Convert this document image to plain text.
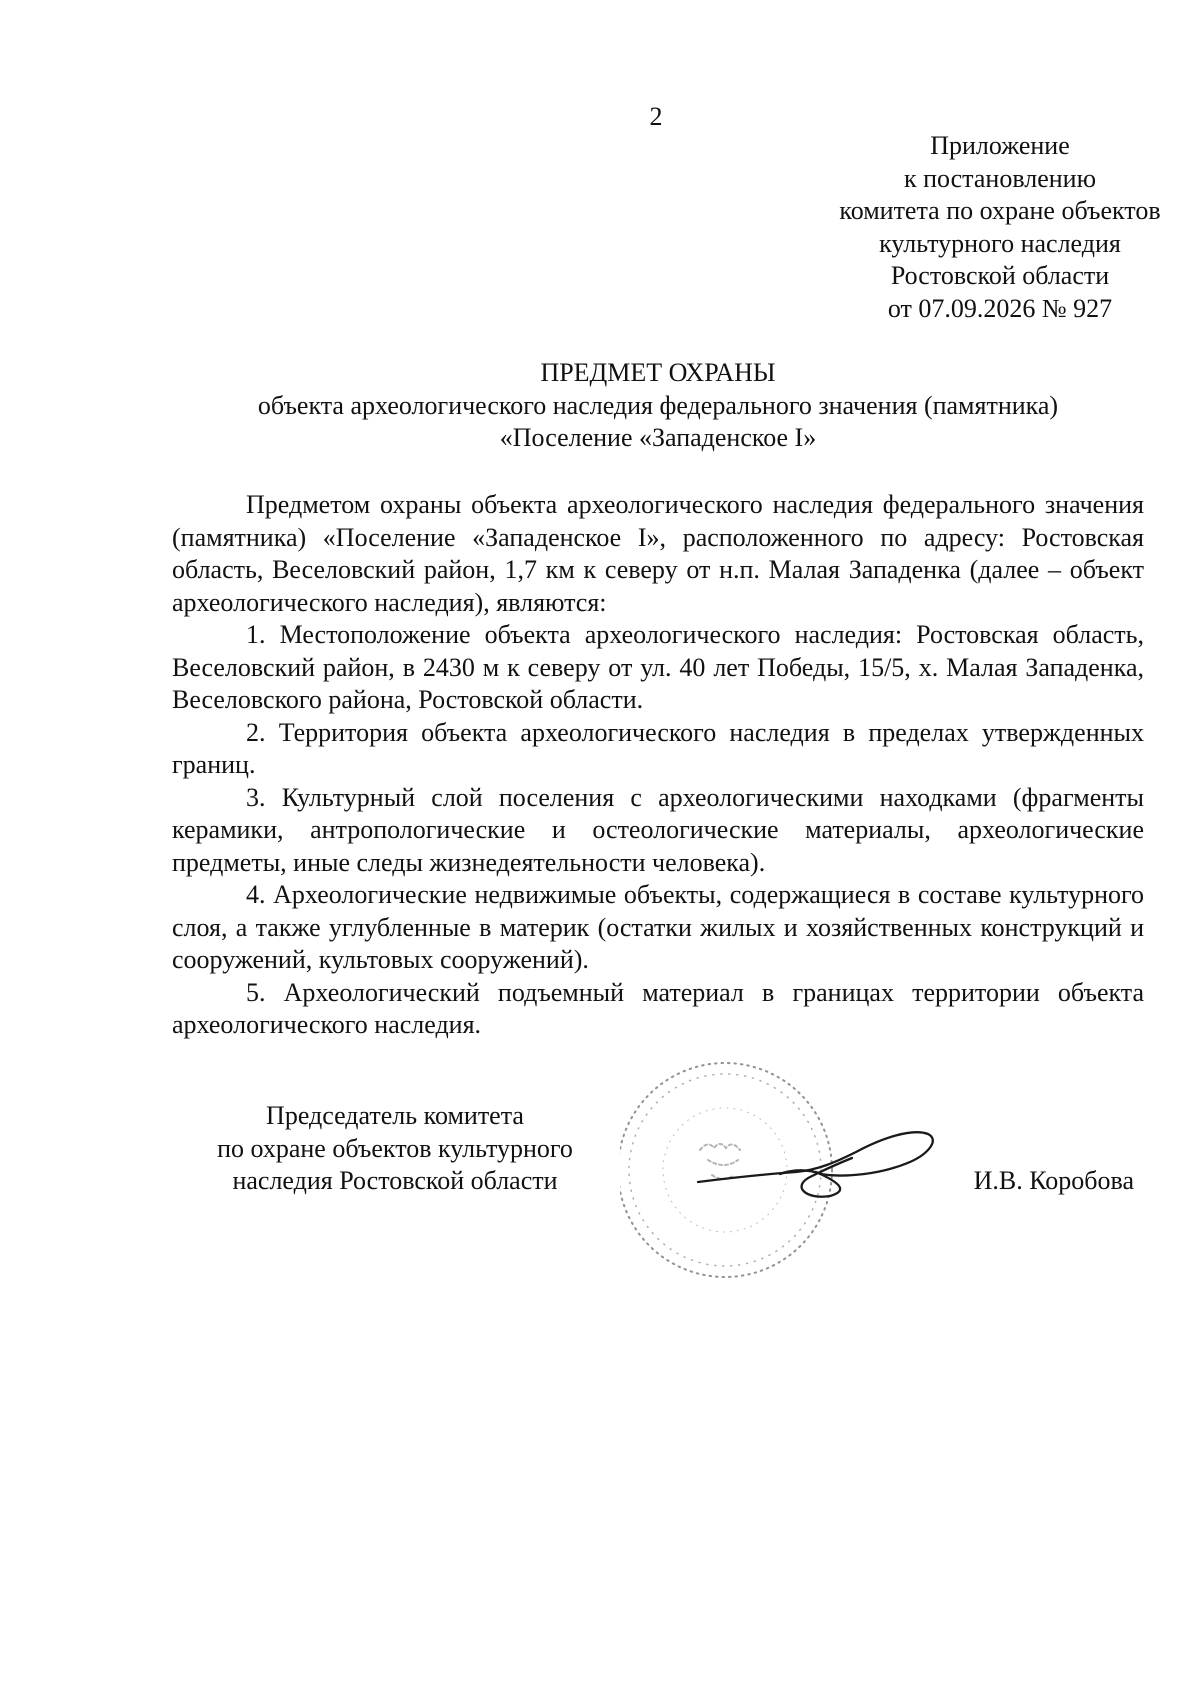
2
Приложение
к постановлению
комитета по охране объектов
культурного наследия
Ростовской области
от 07.09.2026 № 927
ПРЕДМЕТ ОХРАНЫ
объекта археологического наследия федерального значения (памятника)
«Поселение «Западенское I»

Предметом охраны объекта археологического наследия федерального значения (памятника) «Поселение «Западенское I», расположенного по адресу: Ростовская область, Веселовский район, 1,7 км к северу от н.п. Малая Западенка (далее – объект археологического наследия), являются:

1. Местоположение объекта археологического наследия: Ростовская область, Веселовский район, в 2430 м к северу от ул. 40 лет Победы, 15/5, х. Малая Западенка, Веселовского района, Ростовской области.

2. Территория объекта археологического наследия в пределах утвержденных границ.

3. Культурный слой поселения с археологическими находками (фрагменты керамики, антропологические и остеологические материалы, археологические предметы, иные следы жизнедеятельности человека).

4. Археологические недвижимые объекты, содержащиеся в составе культурного слоя, а также углубленные в материк (остатки жилых и хозяйственных конструкций и сооружений, культовых сооружений).

5. Археологический подъемный материал в границах территории объекта археологического наследия.

Председатель комитета
по охране объектов культурного
наследия Ростовской области	И.В. Коробова
